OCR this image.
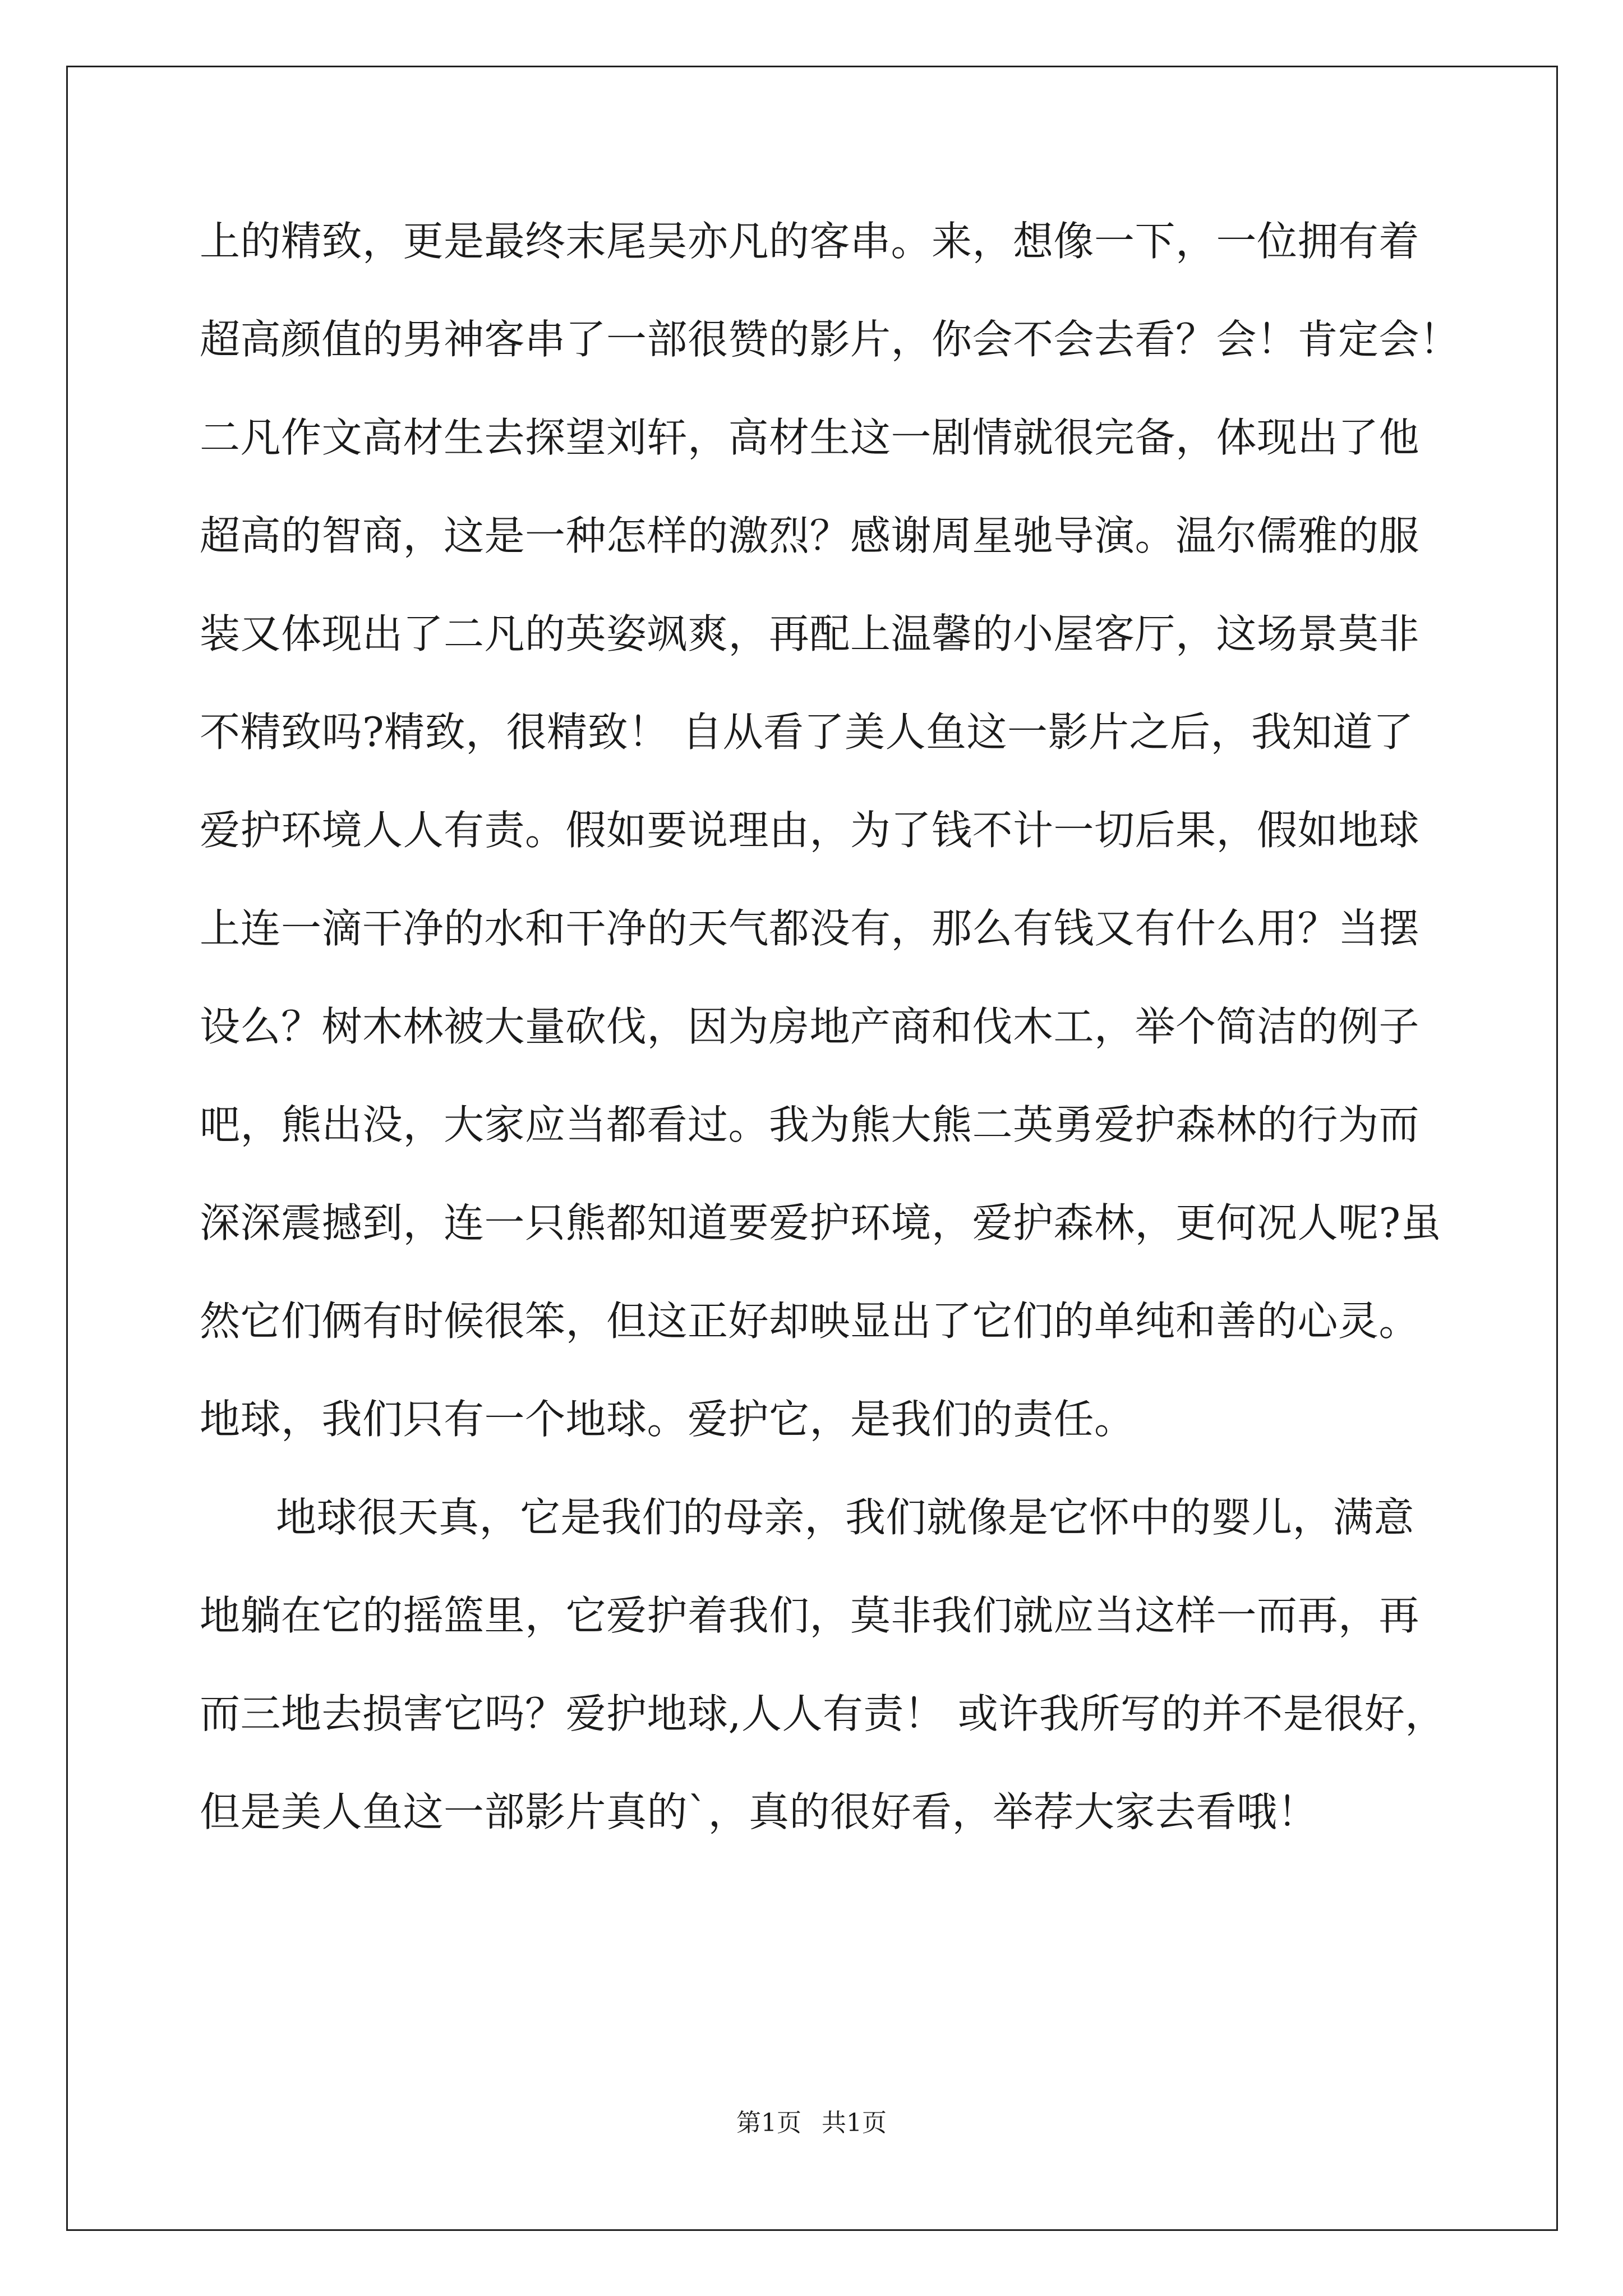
上的精致，更是最终末尾吴亦凡的客串。来，想像一下，一位拥有着
超高颜值的男神客串了一部很赞的影片，你会不会去看？会！肯定会！
二凡作文高材生去探望刘轩，高材生这一剧情就很完备，体现出了他
超高的智商，这是一种怎样的激烈？感谢周星驰导演。温尔儒雅的服
装又体现出了二凡的英姿飒爽，再配上温馨的小屋客厅，这场景莫非
不精致吗?精致，很精致！ 自从看了美人鱼这一影片之后，我知道了
爱护环境人人有责。假如要说理由，为了钱不计一切后果，假如地球
上连一滴干净的水和干净的天气都没有，那么有钱又有什么用？当摆
设么？树木林被大量砍伐，因为房地产商和伐木工，举个简洁的例子
吧，熊出没，大家应当都看过。我为熊大熊二英勇爱护森林的行为而
深深震撼到，连一只熊都知道要爱护环境，爱护森林，更何况人呢?虽
然它们俩有时候很笨，但这正好却映显出了它们的单纯和善的心灵。
地球，我们只有一个地球。爱护它，是我们的责任。
地球很天真，它是我们的母亲，我们就像是它怀中的婴儿，满意
地躺在它的摇篮里，它爱护着我们，莫非我们就应当这样一而再，再
而三地去损害它吗？爱护地球,人人有责！ 或许我所写的并不是很好，
但是美人鱼这一部影片真的`，真的很好看，举荐大家去看哦！
第1页 共1页
